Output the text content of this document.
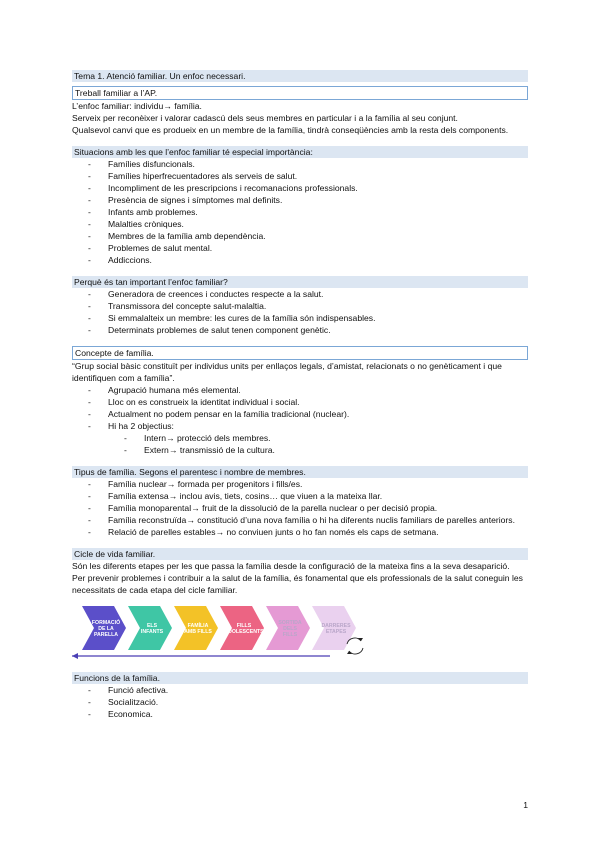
Tema 1. Atenció familiar. Un enfoc necessari.

Treball familiar a l’AP.

L’enfoc familiar: individu→ família.

Serveix per reconèixer i valorar cadascú dels seus membres en particular i a la família al seu conjunt.

Qualsevol canvi que es produeix en un membre de la família, tindrà conseqüències amb la resta dels components.

Situacions amb les que l’enfoc familiar té especial importància:

- Famílies disfuncionals.
- Famílies hiperfrecuentadores als serveis de salut.
- Incompliment de les prescripcions i recomanacions professionals.
- Presència de signes i símptomes mal definits.
- Infants amb problemes.
- Malalties cròniques.
- Membres de la família amb dependència.
- Problemes de salut mental.
- Addiccions.

Perquè és tan important l’enfoc familiar?

- Generadora de creences i conductes respecte a la salut.
- Transmissora del concepte salut-malaltia.
- Si emmalalteix un membre: les cures de la família són indispensables.
- Determinats problemes de salut tenen component genètic.

Concepte de família.

“Grup social bàsic constituït per individus units per enllaços legals, d’amistat, relacionats o no genèticament i que identifiquen com a família”.

- Agrupació humana més elemental.
- Lloc on es construeix la identitat individual i social.
- Actualment no podem pensar en la família tradicional (nuclear).
- Hi ha 2 objectius:
- Intern→ protecció dels membres.
- Extern→ transmissió de la cultura.

Tipus de família. Segons el parentesc i nombre de membres.

- Família nuclear→ formada per progenitors i fills/es.
- Família extensa→ inclou avis, tiets, cosins… que viuen a la mateixa llar.
- Família monoparental→ fruit de la dissolució de la parella nuclear o per decisió propia.
- Família reconstruïda→ constitució d’una nova família o hi ha diferents nuclis familiars de parelles anteriors.
- Relació de parelles estables→ no conviuen junts o ho fan només els caps de setmana.

Cicle de vida familiar.

Són les diferents etapes per les que passa la família desde la configuració de la mateixa fins a la seva desaparició.

Per prevenir problemes i contribuir a la salut de la família, és fonamental que els professionals de la salut coneguin les necessitats de cada etapa del cicle familiar.

FORMACIÓ DE LA PARELLA
ELS INFANTS
FAMÍLIA AMB FILLS
FILLS ADOLESCENTS
SORTIDA DELS FILLS
DARRERES ETAPES

Funcions de la família.

- Funció afectiva.
- Socialització.
- Economica.
1
